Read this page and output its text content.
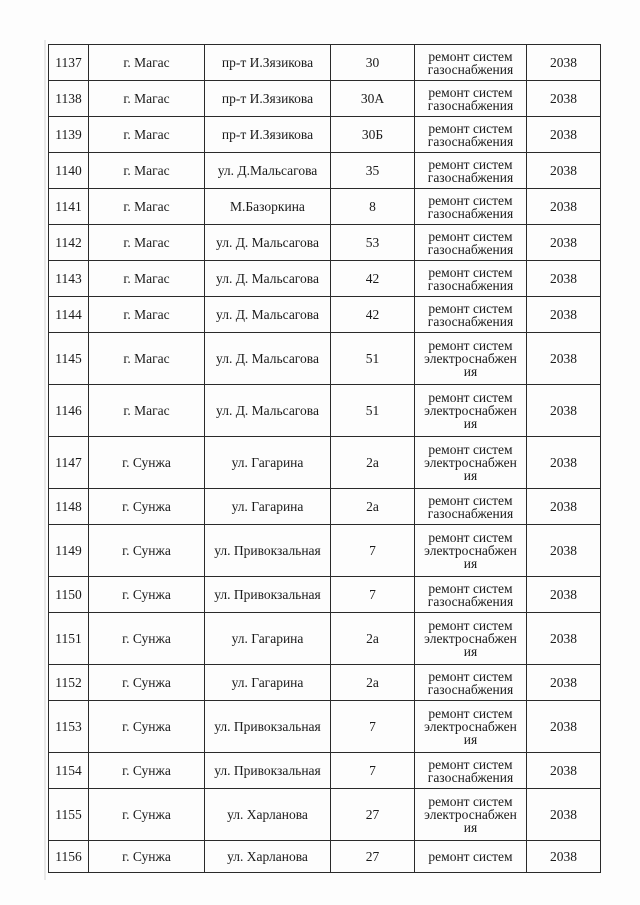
1137	г. Магас	пр-т И.Зязикова	30	ремонт систем газоснабжения	2038
1138	г. Магас	пр-т И.Зязикова	30А	ремонт систем газоснабжения	2038
1139	г. Магас	пр-т И.Зязикова	30Б	ремонт систем газоснабжения	2038
1140	г. Магас	ул. Д.Мальсагова	35	ремонт систем газоснабжения	2038
1141	г. Магас	М.Базоркина	8	ремонт систем газоснабжения	2038
1142	г. Магас	ул. Д. Мальсагова	53	ремонт систем газоснабжения	2038
1143	г. Магас	ул. Д. Мальсагова	42	ремонт систем газоснабжения	2038
1144	г. Магас	ул. Д. Мальсагова	42	ремонт систем газоснабжения	2038
1145	г. Магас	ул. Д. Мальсагова	51	ремонт систем электроснабжен ия	2038
1146	г. Магас	ул. Д. Мальсагова	51	ремонт систем электроснабжен ия	2038
1147	г. Сунжа	ул. Гагарина	2а	ремонт систем электроснабжен ия	2038
1148	г. Сунжа	ул. Гагарина	2а	ремонт систем газоснабжения	2038
1149	г. Сунжа	ул. Привокзальная	7	ремонт систем электроснабжен ия	2038
1150	г. Сунжа	ул. Привокзальная	7	ремонт систем газоснабжения	2038
1151	г. Сунжа	ул. Гагарина	2а	ремонт систем электроснабжен ия	2038
1152	г. Сунжа	ул. Гагарина	2а	ремонт систем газоснабжения	2038
1153	г. Сунжа	ул. Привокзальная	7	ремонт систем электроснабжен ия	2038
1154	г. Сунжа	ул. Привокзальная	7	ремонт систем газоснабжения	2038
1155	г. Сунжа	ул. Харланова	27	ремонт систем электроснабжен ия	2038
1156	г. Сунжа	ул. Харланова	27	ремонт систем	2038
